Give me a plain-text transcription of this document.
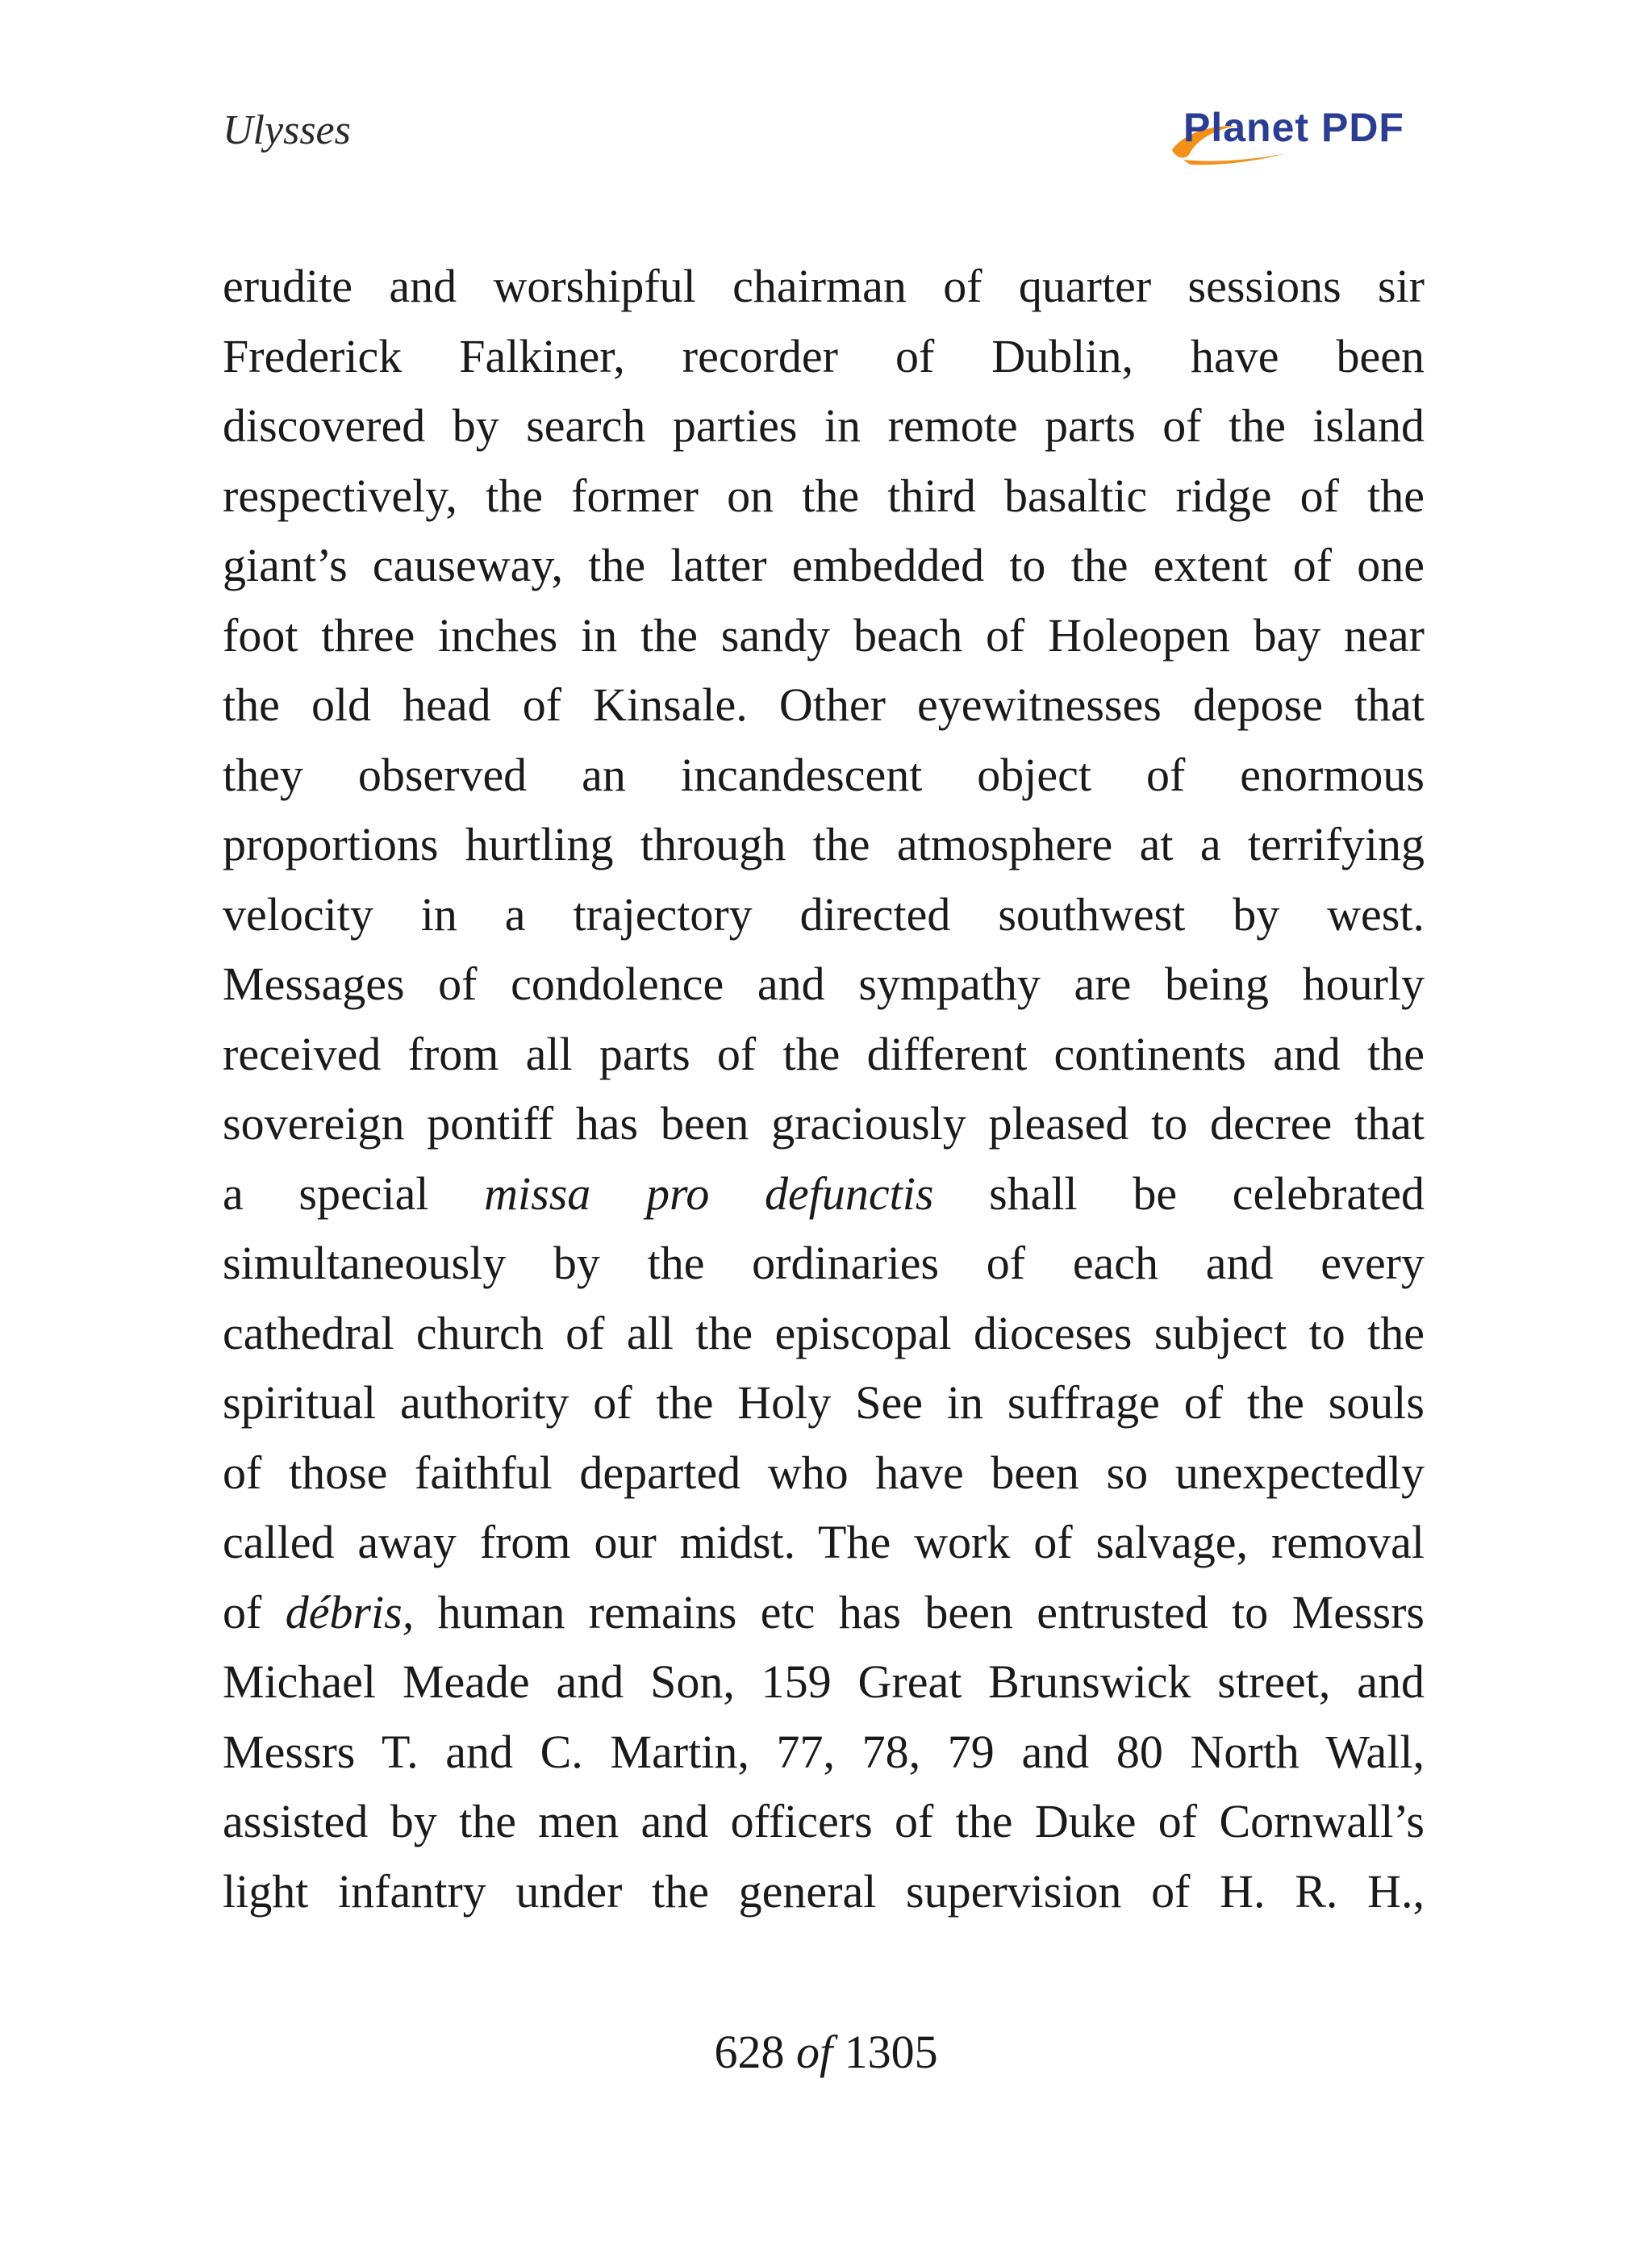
Ulysses	Planet PDF
erudite and worshipful chairman of quarter sessions sir
Frederick Falkiner, recorder of Dublin, have been
discovered by search parties in remote parts of the island
respectively, the former on the third basaltic ridge of the
giant’s causeway, the latter embedded to the extent of one
foot three inches in the sandy beach of Holeopen bay near
the old head of Kinsale. Other eyewitnesses depose that
they observed an incandescent object of enormous
proportions hurtling through the atmosphere at a terrifying
velocity in a trajectory directed southwest by west.
Messages of condolence and sympathy are being hourly
received from all parts of the different continents and the
sovereign pontiff has been graciously pleased to decree that
a special missa pro defunctis shall be celebrated
simultaneously by the ordinaries of each and every
cathedral church of all the episcopal dioceses subject to the
spiritual authority of the Holy See in suffrage of the souls
of those faithful departed who have been so unexpectedly
called away from our midst. The work of salvage, removal
of débris, human remains etc has been entrusted to Messrs
Michael Meade and Son, 159 Great Brunswick street, and
Messrs T. and C. Martin, 77, 78, 79 and 80 North Wall,
assisted by the men and officers of the Duke of Cornwall’s
light infantry under the general supervision of H. R. H.,
628 of 1305
